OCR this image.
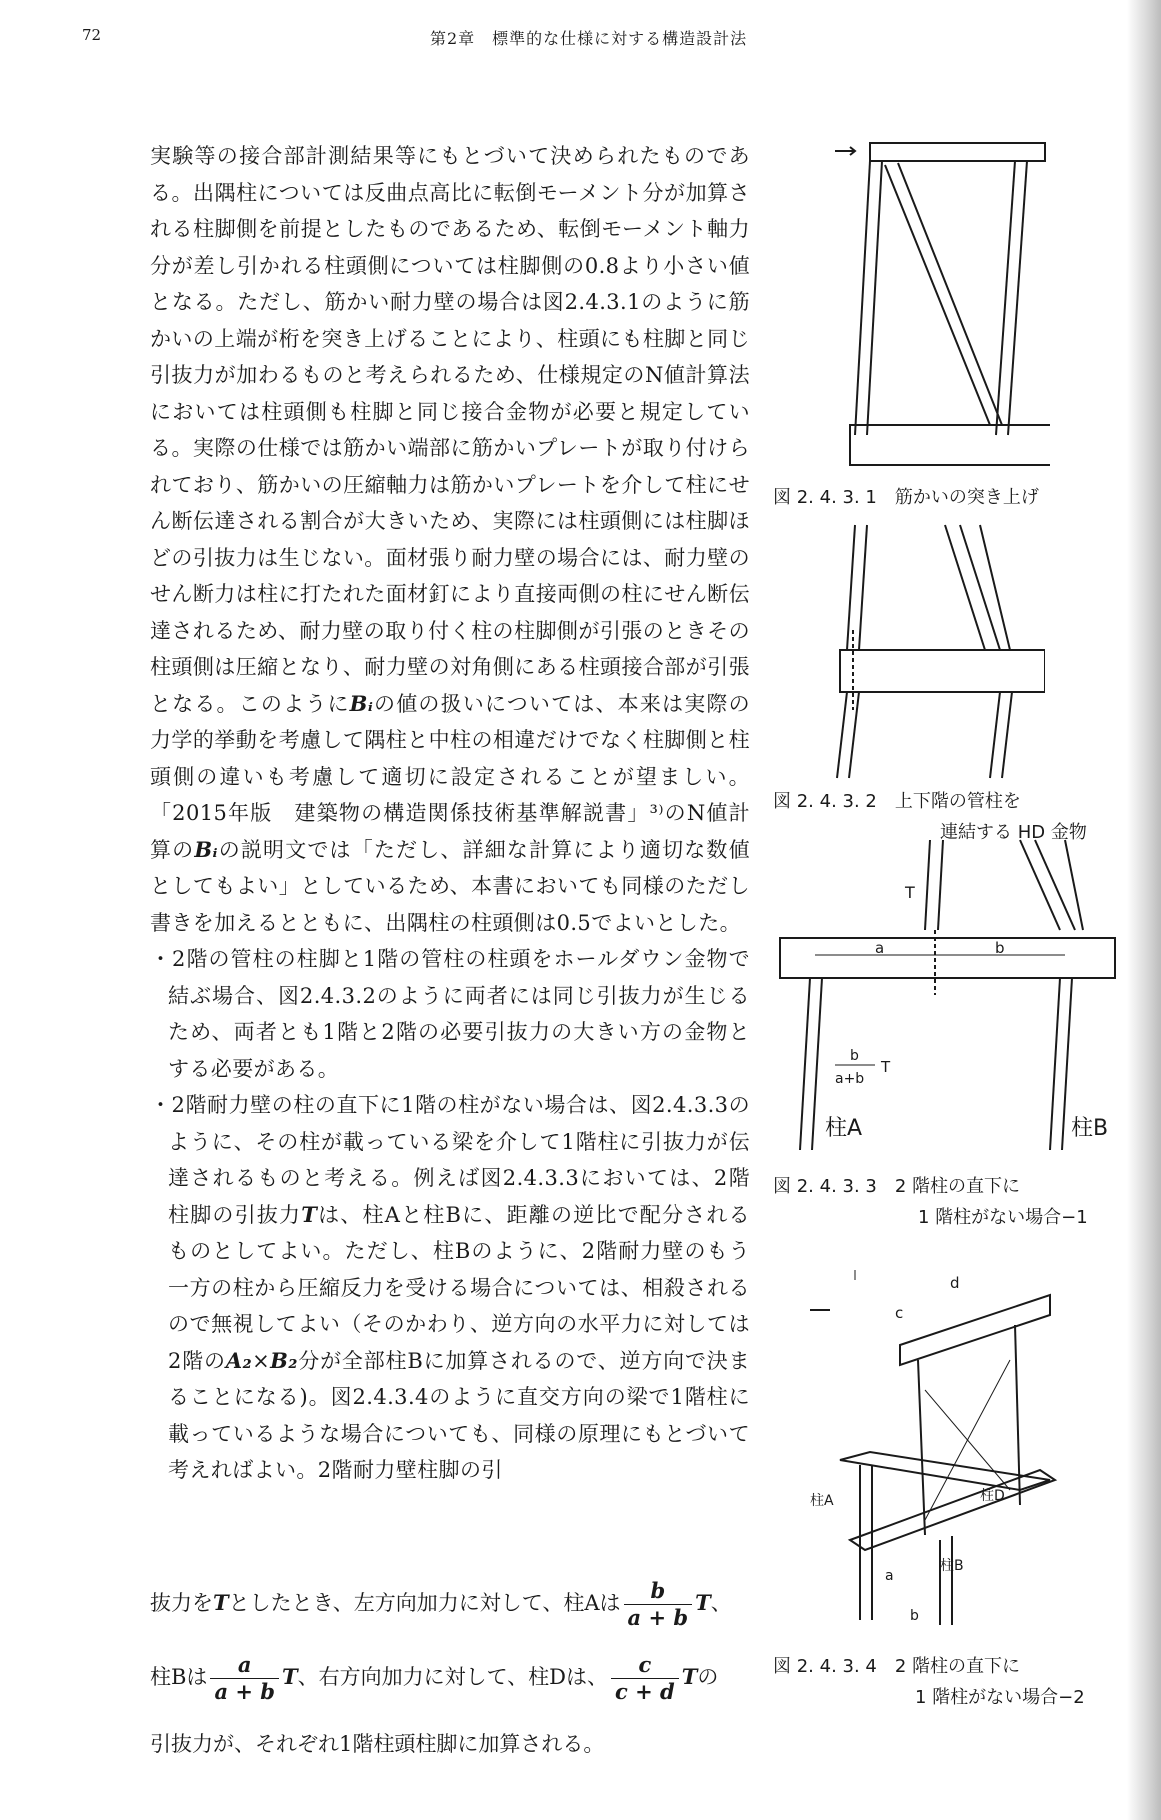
72	第2章　標準的な仕様に対する構造設計法

実験等の接合部計測結果等にもとづいて決められたものである。出隅柱については反曲点高比に転倒モーメント分が加算される柱脚側を前提としたものであるため、転倒モーメント軸力分が差し引かれる柱頭側については柱脚側の0.8より小さい値となる。ただし、筋かい耐力壁の場合は図2.4.3.1のように筋かいの上端が桁を突き上げることにより、柱頭にも柱脚と同じ引抜力が加わるものと考えられるため、仕様規定のN値計算法においては柱頭側も柱脚と同じ接合金物が必要と規定している。実際の仕様では筋かい端部に筋かいプレートが取り付けられており、筋かいの圧縮軸力は筋かいプレートを介して柱にせん断伝達される割合が大きいため、実際には柱頭側には柱脚ほどの引抜力は生じない。面材張り耐力壁の場合には、耐力壁のせん断力は柱に打たれた面材釘により直接両側の柱にせん断伝達されるため、耐力壁の取り付く柱の柱脚側が引張のときその柱頭側は圧縮となり、耐力壁の対角側にある柱頭接合部が引張となる。このようにBᵢの値の扱いについては、本来は実際の力学的挙動を考慮して隅柱と中柱の相違だけでなく柱脚側と柱頭側の違いも考慮して適切に設定されることが望ましい。「2015年版　建築物の構造関係技術基準解説書」³⁾のN値計算のBᵢの説明文では「ただし、詳細な計算により適切な数値としてもよい」としているため、本書においても同様のただし書きを加えるとともに、出隅柱の柱頭側は0.5でよいとした。

・2階の管柱の柱脚と1階の管柱の柱頭をホールダウン金物で結ぶ場合、図2.4.3.2のように両者には同じ引抜力が生じるため、両者とも1階と2階の必要引抜力の大きい方の金物とする必要がある。

・2階耐力壁の柱の直下に1階の柱がない場合は、図2.4.3.3のように、その柱が載っている梁を介して1階柱に引抜力が伝達されるものと考える。例えば図2.4.3.3においては、2階柱脚の引抜力Tは、柱Aと柱Bに、距離の逆比で配分されるものとしてよい。ただし、柱Bのように、2階耐力壁のもう一方の柱から圧縮反力を受ける場合については、相殺されるので無視してよい（そのかわり、逆方向の水平力に対しては2階のA₂×B₂分が全部柱Bに加算されるので、逆方向で決まることになる)。図2.4.3.4のように直交方向の梁で1階柱に載っているような場合についても、同様の原理にもとづいて考えればよい。2階耐力壁柱脚の引

抜力をTとしたとき、左方向加力に対して、柱Aは $\frac{b}{a + b}$ T、
柱Bは $\frac{a}{a + b}$ T、右方向加力に対して、柱Dは、 $\frac{c}{c + d}$ Tの
引抜力が、それぞれ1階柱頭柱脚に加算される。
図 2. 4. 3. 1　筋かいの突き上げ
図 2. 4. 3. 2　上下階の管柱を
連結する HD 金物
a	b
T
b
a+b
T
柱A	柱B
図 2. 4. 3. 3　2 階柱の直下に
1 階柱がない場合−1
c
d
柱A	柱D
柱B
a
b
図 2. 4. 3. 4　2 階柱の直下に
1 階柱がない場合−2
